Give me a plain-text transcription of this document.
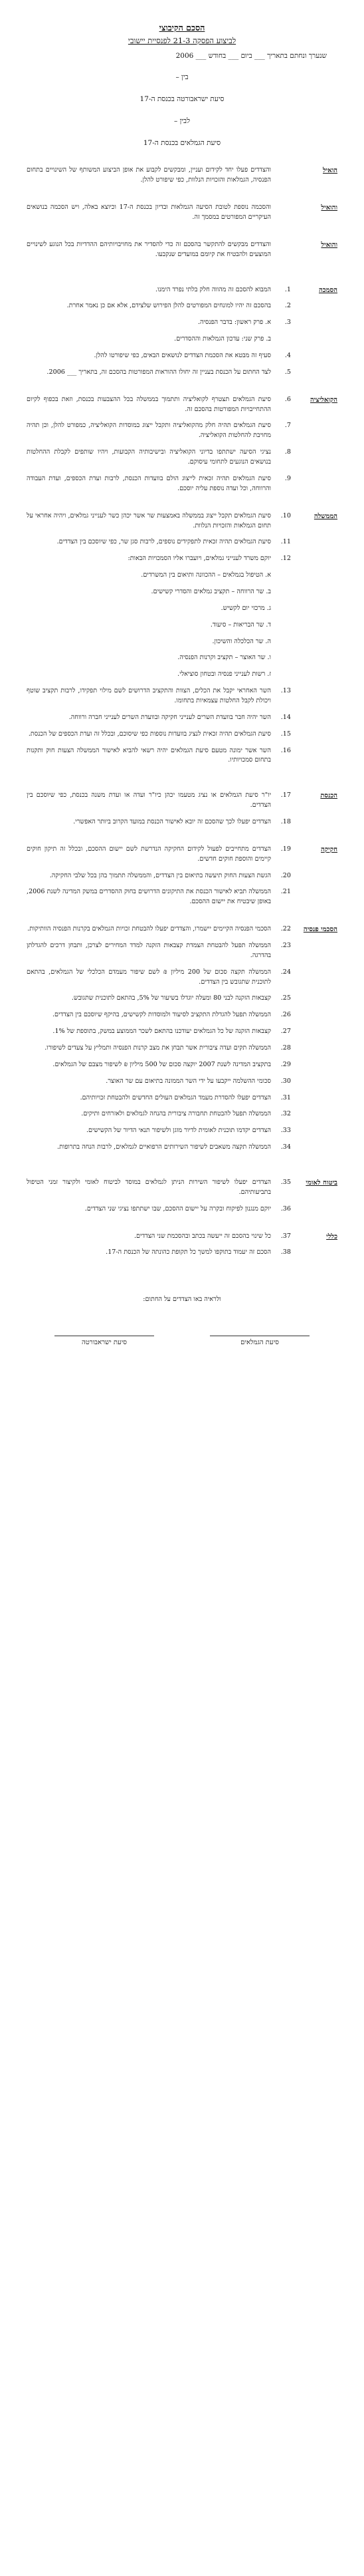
הסכם הקיבוצי
לביצוע הפסקה 21-3 לפנסיית יישובי
שנערך ונחתם בתאריך ___ ביום ___ בחודש ___ 2006
בין –
סיעת ישראבורטה בכנסת ה-17
לבין –
סיעת הגמלאים בכנסת ה-17
הואיל
והצדדים פעלו יחד לקידום ועניין, ומבקשים לקבוע את אופן הביצוע המשותף של השינויים בתחום הפנסיה, הגמלאות והזכויות הנלוות, כפי שיפורט להלן.
והואיל
והסכמה נוספת לטובת הסיעה הגמלאות ובדיון בכנסת ה-17 וכיוצא באלה, ויש הסכמה בנושאים העיקריים המפורטים במסמך זה.
והואיל
והצדדים מבקשים להתקשר בהסכם זה כדי להסדיר את מחויבויותיהם ההדדיות בכל הנוגע לשינויים המוצעים ולהבטיח את קיומם במועדים שנקבעו.
הסמכה
1.
המבוא להסכם זה מהווה חלק בלתי נפרד הימנו.
2.
בהסכם זה יהיו למונחים המפורטים להלן הפירוש שלצידם, אלא אם כן נאמר אחרת.
3.
א. פרק ראשון: בדבר הפנסיה.
ב. פרק שני: עדכון הגמלאות וההסדרים.
4.
סעיף זה מבטא את הסכמת הצדדים לנושאים הבאים, כפי שיפורטו להלן.
5.
לצד החתום על הכנסת בעניין זה יחולו ההוראות המפורטות בהסכם זה, בתאריך ___ 2006.
הקואליציה
6.
סיעת הגמלאים תצטרף לקואליציה ותתמוך בממשלה בכל ההצבעות בכנסת, וזאת בכפוף לקיום ההתחייבויות המפורטות בהסכם זה.
7.
סיעת הגמלאים תהיה חלק מהקואליציה ותקבל ייצוג במוסדות הקואליציה, כמפורט להלן, וכן תהיה מחויבת להחלטות הקואליציה.
8.
נציגי הסיעה ישתתפו בדיוני הקואליציה ובישיבותיה הקבועות, ויהיו שותפים לקבלת ההחלטות בנושאים הנוגעים לתחומי עיסוקם.
9.
סיעת הגמלאים תהיה זכאית לייצוג הולם בוועדות הכנסת, לרבות ועדת הכספים, ועדת העבודה והרווחה, וכל ועדה נוספת עליה יוסכם.
הממשלה
10.
סיעת הגמלאים תקבל ייצוג בממשלה באמצעות שר אשר יכהן כשר לענייני גמלאים, ויהיה אחראי על תחום הגמלאות והזכויות הנלוות.
11.
סיעת הגמלאים תהיה זכאית לתפקידים נוספים, לרבות סגן שר, כפי שיוסכם בין הצדדים.
12.
יוקם משרד לענייני גמלאים, ויועברו אליו הסמכויות הבאות:
א. הטיפול בגמלאים – ההכוונה ותיאום בין המשרדים.
ב. שר הרווחה – תקציב גמלאים והסדרי קשישים.
ג. מרכזי יום לקשיש.
ד. שר הבריאות – סיעוד.
ה. שר הכלכלה והשיכון.
ו. שר האוצר – תקציב וקרנות הפנסיה.
ז. רשות לענייני פנסיה ובטחון סוציאלי.
13.
השר האחראי יקבל את הכלים, הצוות והתקציב הדרושים לשם מילוי תפקידו, לרבות תקציב שוטף ויכולת לקבל החלטות עצמאיות בתחומו.
14.
השר יהיה חבר בוועדת השרים לענייני חקיקה ובוועדת השרים לענייני חברה ורווחה.
15.
סיעת הגמלאים תהיה זכאית לנציג בוועדות נוספות כפי שיסוכם, ובכלל זה ועדת הכספים של הכנסת.
16.
השר אשר ימונה מטעם סיעת הגמלאים יהיה רשאי להביא לאישור הממשלה הצעות חוק ותקנות בתחום סמכויותיו.
הכנסת
17.
יו"ר סיעת הגמלאים או נציג מטעמו יכהן כיו"ר ועדה או ועדת משנה בכנסת, כפי שיוסכם בין הצדדים.
18.
הצדדים יפעלו לכך שהסכם זה יובא לאישור הכנסת במועד הקרוב ביותר האפשרי.
חקיקה
19.
הצדדים מתחייבים לפעול לקידום החקיקה הנדרשת לשם יישום ההסכם, ובכלל זה תיקון חוקים קיימים והוספת חוקים חדשים.
20.
הגשת הצעות החוק תיעשה בתיאום בין הצדדים, והממשלה תתמוך בהן בכל שלבי החקיקה.
21.
הממשלה תביא לאישור הכנסת את התיקונים הדרושים בחוק ההסדרים במשק המדינה לשנת 2006, באופן שיבטיח את יישום ההסכם.
הסכמי פנסיה
22.
הסכמי הפנסיה הקיימים יישמרו, והצדדים יפעלו להבטחת זכויות הגמלאים בקרנות הפנסיה הוותיקות.
23.
הממשלה תפעל להבטחת הצמדת קצבאות הזקנה למדד המחירים לצרכן, ותבחן דרכים להגדלתן בהדרגה.
24.
הממשלה תקצה סכום של 200 מיליון ₪ לשם שיפור מעמדם הכלכלי של הגמלאים, בהתאם לתוכנית שתגובש בין הצדדים.
25.
קצבאות הזקנה לבני 80 ומעלה יוגדלו בשיעור של 5%, בהתאם לתוכנית שתגובש.
26.
הממשלה תפעל להגדלת התקציב לסיעוד ולמוסדות לקשישים, בהיקף שיוסכם בין הצדדים.
27.
קצבאות הזקנה של כל הגמלאים יעודכנו בהתאם לשכר הממוצע במשק, בתוספת של 1%.
28.
הממשלה תקים ועדה ציבורית אשר תבחן את מצב קרנות הפנסיה ותמליץ על צעדים לשיפורו.
29.
בתקציב המדינה לשנת 2007 יוקצה סכום של 500 מיליון ₪ לשיפור מצבם של הגמלאים.
30.
סכומי ההשלמה ייקבעו על ידי השר הממונה בתיאום עם שר האוצר.
31.
הצדדים יפעלו להסדרת מעמד הגמלאים העולים החדשים ולהבטחת זכויותיהם.
32.
הממשלה תפעל להבטחת תחבורה ציבורית בהנחה לגמלאים ולאזרחים ותיקים.
33.
הצדדים יקדמו תוכנית לאומית לדיור מוגן ולשיפור תנאי הדיור של הקשישים.
34.
הממשלה תקצה משאבים לשיפור השירותים הרפואיים לגמלאים, לרבות הנחה בתרופות.
ביטוח לאומי
35.
הצדדים יפעלו לשיפור השירות הניתן לגמלאים במוסד לביטוח לאומי ולקיצור זמני הטיפול בתביעותיהם.
36.
יוקם מנגנון לפיקוח ובקרה על יישום ההסכם, שבו ישתתפו נציגי שני הצדדים.
כללי
37.
כל שינוי בהסכם זה ייעשה בכתב ובהסכמת שני הצדדים.
38.
הסכם זה יעמוד בתוקפו למשך כל תקופת כהונתה של הכנסת ה-17.
ולראיה באו הצדדים על החתום:
סיעת הגמלאים
סיעת ישראבורטה
